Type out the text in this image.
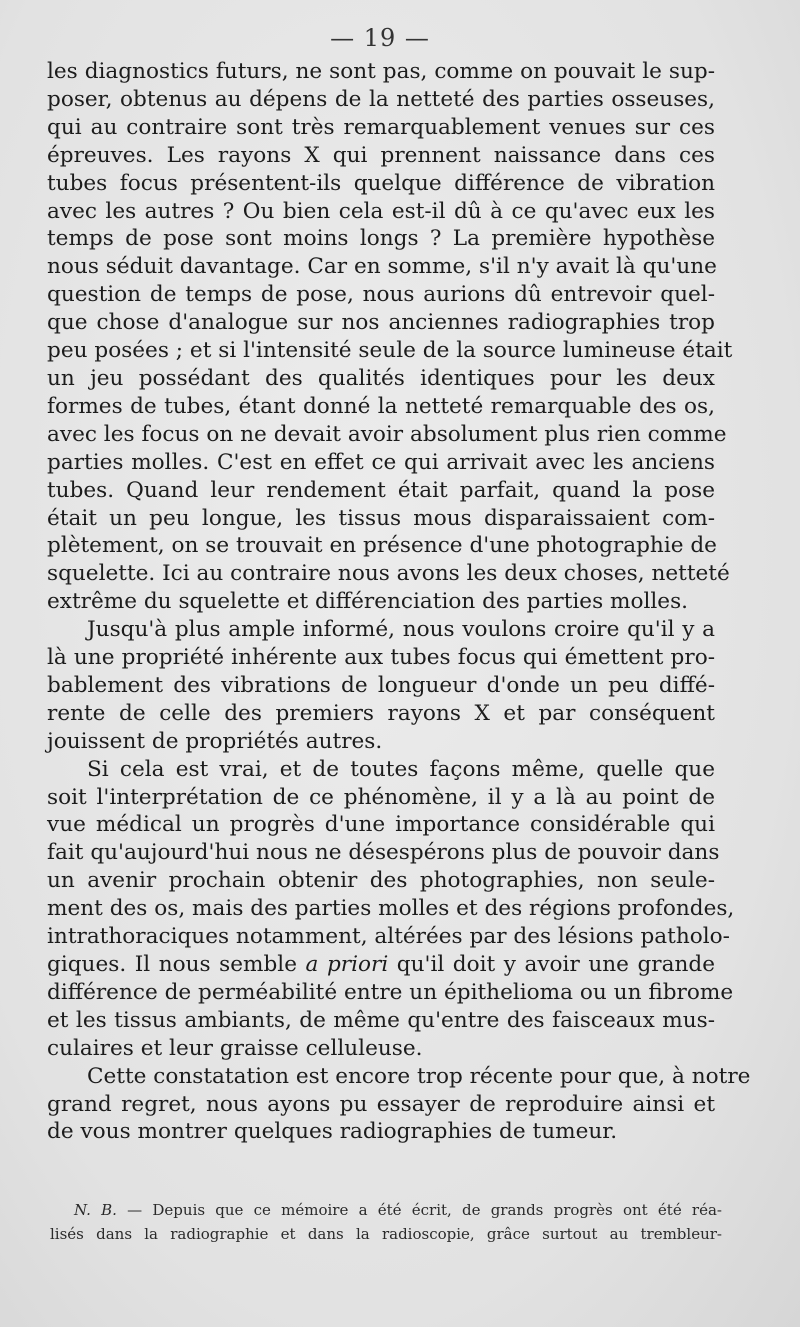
— 19 —

les diagnostics futurs, ne sont pas, comme on pouvait le sup-
poser, obtenus au dépens de la netteté des parties osseuses,
qui au contraire sont très remarquablement venues sur ces
épreuves. Les rayons X qui prennent naissance dans ces
tubes focus présentent-ils quelque différence de vibration
avec les autres ? Ou bien cela est-il dû à ce qu'avec eux les
temps de pose sont moins longs ? La première hypothèse
nous séduit davantage. Car en somme, s'il n'y avait là qu'une
question de temps de pose, nous aurions dû entrevoir quel-
que chose d'analogue sur nos anciennes radiographies trop
peu posées ; et si l'intensité seule de la source lumineuse était
un jeu possédant des qualités identiques pour les deux
formes de tubes, étant donné la netteté remarquable des os,
avec les focus on ne devait avoir absolument plus rien comme
parties molles. C'est en effet ce qui arrivait avec les anciens
tubes. Quand leur rendement était parfait, quand la pose
était un peu longue, les tissus mous disparaissaient com-
plètement, on se trouvait en présence d'une photographie de
squelette. Ici au contraire nous avons les deux choses, netteté
extrême du squelette et différenciation des parties molles.

Jusqu'à plus ample informé, nous voulons croire qu'il y a
là une propriété inhérente aux tubes focus qui émettent pro-
bablement des vibrations de longueur d'onde un peu diffé-
rente de celle des premiers rayons X et par conséquent
jouissent de propriétés autres.

Si cela est vrai, et de toutes façons même, quelle que
soit l'interprétation de ce phénomène, il y a là au point de
vue médical un progrès d'une importance considérable qui
fait qu'aujourd'hui nous ne désespérons plus de pouvoir dans
un avenir prochain obtenir des photographies, non seule-
ment des os, mais des parties molles et des régions profondes,
intrathoraciques notamment, altérées par des lésions patholo-
giques. Il nous semble a priori qu'il doit y avoir une grande
différence de perméabilité entre un épithelioma ou un fibrome
et les tissus ambiants, de même qu'entre des faisceaux mus-
culaires et leur graisse celluleuse.

Cette constatation est encore trop récente pour que, à notre
grand regret, nous ayons pu essayer de reproduire ainsi et
de vous montrer quelques radiographies de tumeur.

N. B. — Depuis que ce mémoire a été écrit, de grands progrès ont été réa-
lisés dans la radiographie et dans la radioscopie, grâce surtout au trembleur-
